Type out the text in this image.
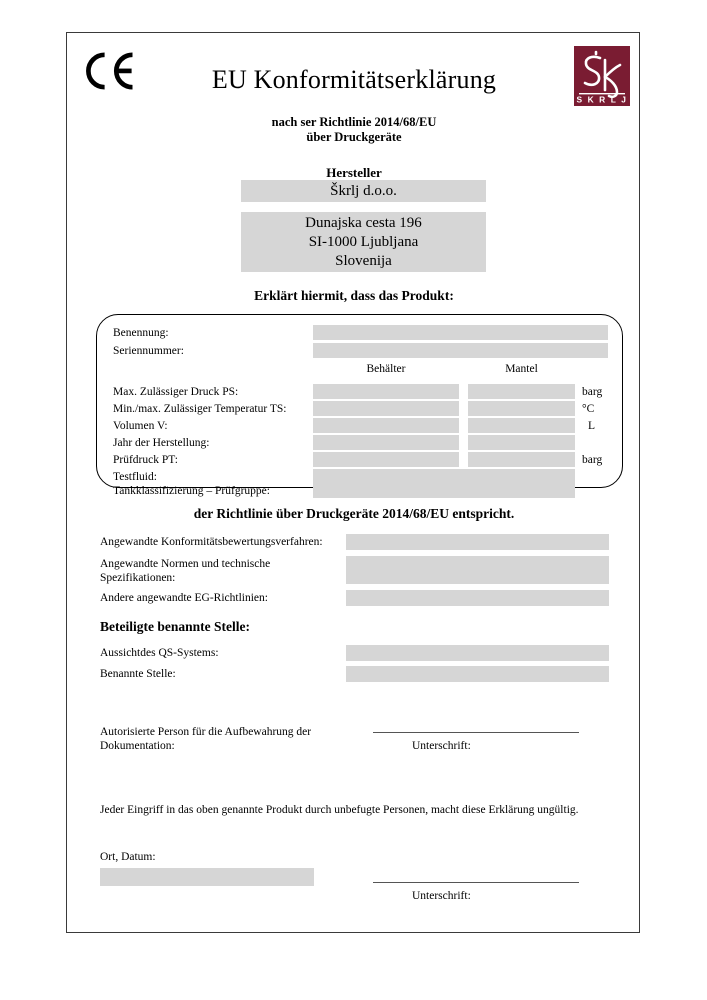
EU Konformitätserklärung
S K R L J
nach ser Richtlinie 2014/68/EU
über Druckgeräte
Hersteller
Škrlj d.o.o.
Dunajska cesta 196
SI-1000 Ljubljana
Slovenija
Erklärt hiermit, dass das Produkt:
Benennung:
Seriennummer:
Behälter	Mantel
Max. Zulässiger Druck PS:	barg
Min./max. Zulässiger Temperatur TS:	°C
Volumen V:	L
Jahr der Herstellung:
Prüfdruck PT:	barg
Testfluid:
Tankklassifizierung – Prüfgruppe:
der Richtlinie über Druckgeräte 2014/68/EU entspricht.
Angewandte Konformitätsbewertungsverfahren:
Angewandte Normen und technische
Spezifikationen:
Andere angewandte EG-Richtlinien:
Beteiligte benannte Stelle:
Aussichtdes QS-Systems:
Benannte Stelle:
Autorisierte Person für die Aufbewahrung der
Dokumentation:	Unterschrift:
Jeder Eingriff in das oben genannte Produkt durch unbefugte Personen, macht diese Erklärung ungültig.
Ort, Datum:
Unterschrift:
